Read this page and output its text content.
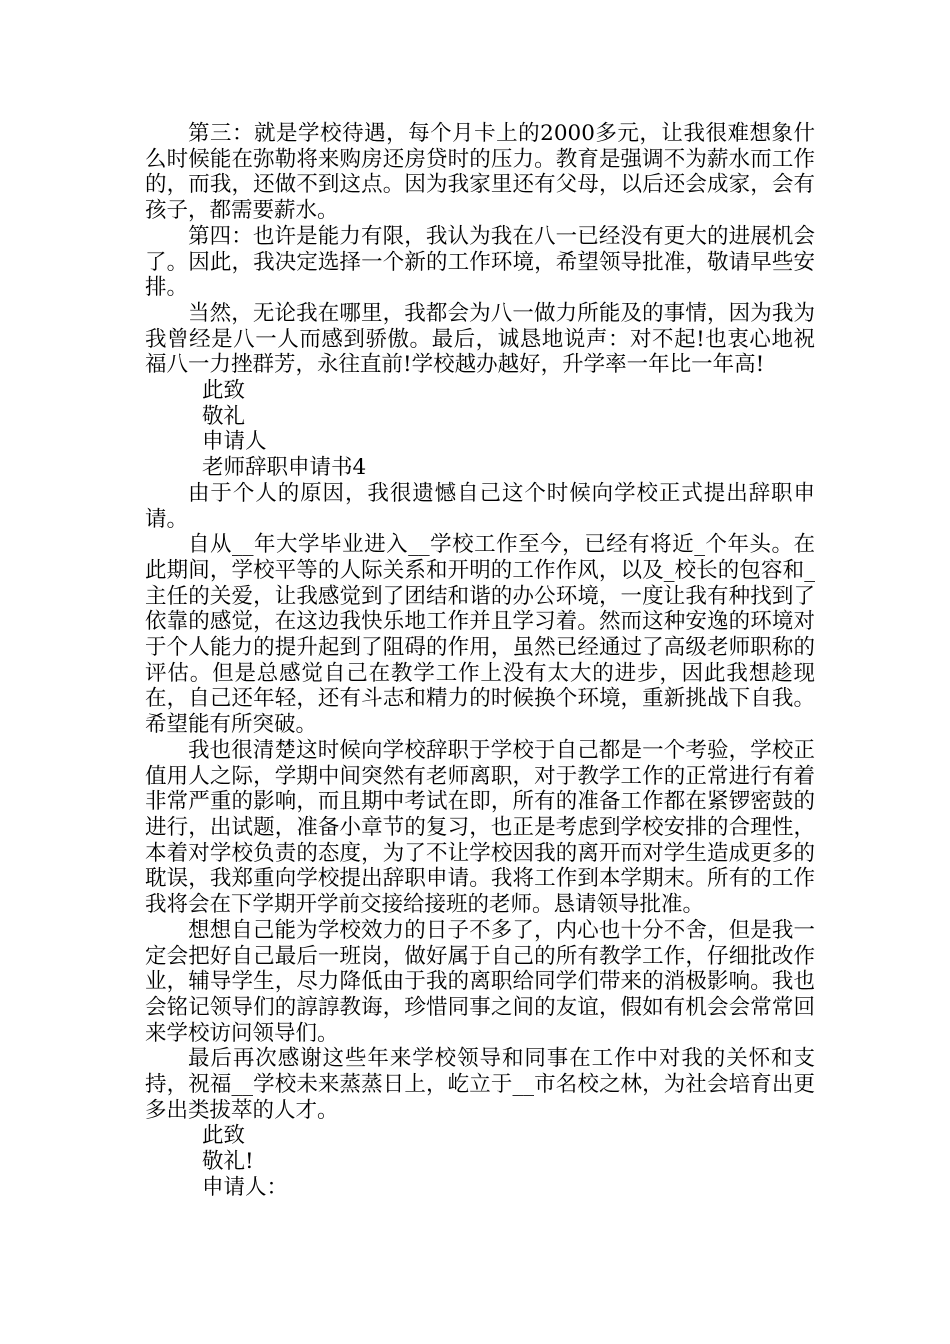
第三：就是学校待遇，每个月卡上的2000多元，让我很难想象什么时候能在弥勒将来购房还房贷时的压力。教育是强调不为薪水而工作的，而我，还做不到这点。因为我家里还有父母，以后还会成家，会有孩子，都需要薪水。

第四：也许是能力有限，我认为我在八一已经没有更大的进展机会了。因此，我决定选择一个新的工作环境，希望领导批准，敬请早些安排。

当然，无论我在哪里，我都会为八一做力所能及的事情，因为我为我曾经是八一人而感到骄傲。最后，诚恳地说声：对不起!也衷心地祝福八一力挫群芳，永往直前!学校越办越好，升学率一年比一年高!

此致

敬礼

申请人

老师辞职申请书4

由于个人的原因，我很遗憾自己这个时候向学校正式提出辞职申请。

自从__年大学毕业进入__学校工作至今，已经有将近_个年头。在此期间，学校平等的人际关系和开明的工作作风，以及_校长的包容和_主任的关爱，让我感觉到了团结和谐的办公环境，一度让我有种找到了依靠的感觉，在这边我快乐地工作并且学习着。然而这种安逸的环境对于个人能力的提升起到了阻碍的作用，虽然已经通过了高级老师职称的评估。但是总感觉自己在教学工作上没有太大的进步，因此我想趁现在，自己还年轻，还有斗志和精力的时候换个环境，重新挑战下自我。希望能有所突破。

我也很清楚这时候向学校辞职于学校于自己都是一个考验，学校正值用人之际，学期中间突然有老师离职，对于教学工作的正常进行有着非常严重的影响，而且期中考试在即，所有的准备工作都在紧锣密鼓的进行，出试题，准备小章节的复习，也正是考虑到学校安排的合理性，本着对学校负责的态度，为了不让学校因我的离开而对学生造成更多的耽误，我郑重向学校提出辞职申请。我将工作到本学期末。所有的工作我将会在下学期开学前交接给接班的老师。恳请领导批准。

想想自己能为学校效力的日子不多了，内心也十分不舍，但是我一定会把好自己最后一班岗，做好属于自己的所有教学工作，仔细批改作业，辅导学生，尽力降低由于我的离职给同学们带来的消极影响。我也会铭记领导们的諄諄教诲，珍惜同事之间的友谊，假如有机会会常常回来学校访问领导们。

最后再次感谢这些年来学校领导和同事在工作中对我的关怀和支持，祝福__学校未来蒸蒸日上，屹立于__市名校之林，为社会培育出更多出类拔萃的人才。

此致

敬礼!

申请人：
